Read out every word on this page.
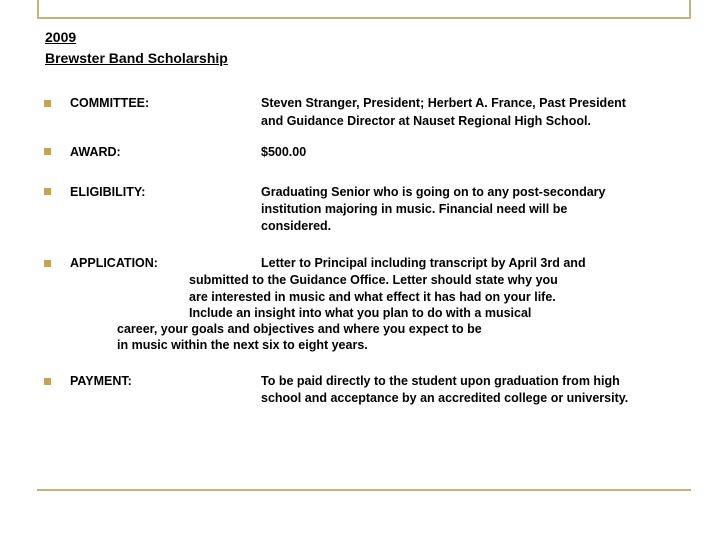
2009
Brewster Band Scholarship
COMMITTEE:	Steven Stranger, President; Herbert A. France, Past President
and Guidance Director at Nauset Regional High School.
AWARD:	$500.00
ELIGIBILITY:	Graduating Senior who is going on to any post-secondary
institution majoring in music. Financial need will be
considered.
APPLICATION:	Letter to Principal including transcript by April 3rd and
submitted to the Guidance Office. Letter should state why you
are interested in music and what effect it has had on your life.
Include an insight into what you plan to do with a musical
career, your goals and objectives and where you expect to be
in music within the next six to eight years.
PAYMENT:	To be paid directly to the student upon graduation from high
school and acceptance by an accredited college or university.
